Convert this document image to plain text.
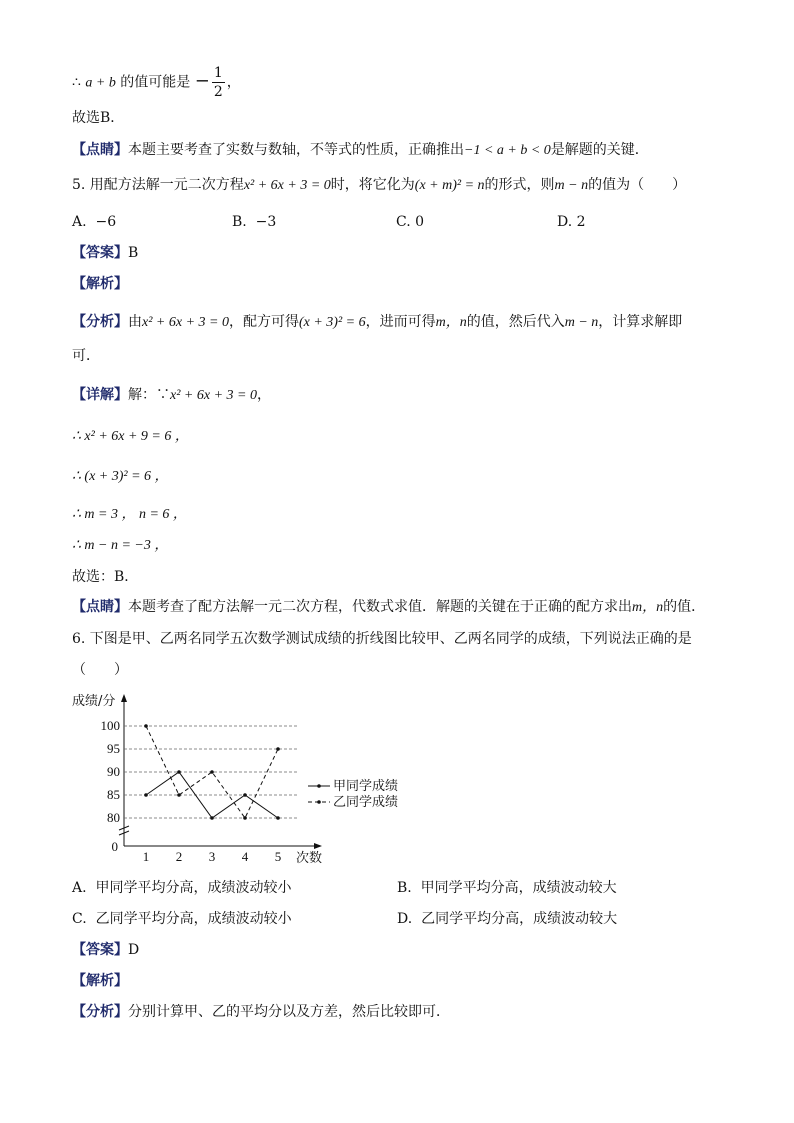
∴ a + b 的值可能是 − $\frac{1}{2}$ ，
故选B．
【点睛】本题主要考查了实数与数轴，不等式的性质，正确推出−1 < a + b < 0是解题的关键．
5. 用配方法解一元二次方程x² + 6x + 3 = 0时，将它化为(x + m)² = n的形式，则m − n的值为（　　）
A. −6	B. −3	C. 0	D. 2
【答案】B
【解析】
【分析】由x² + 6x + 3 = 0，配方可得(x + 3)² = 6，进而可得m，n的值，然后代入m − n，计算求解即
可．
【详解】解：∵x² + 6x + 3 = 0，
∴ x² + 6x + 9 = 6 ，
∴ (x + 3)² = 6 ，
∴ m = 3 ， n = 6 ，
∴ m − n = −3 ，
故选：B．
【点睛】本题考查了配方法解一元二次方程，代数式求值．解题的关键在于正确的配方求出m，n的值．
6. 下图是甲、乙两名同学五次数学测试成绩的折线图比较甲、乙两名同学的成绩，下列说法正确的是
（　　）
80
85
90
95
100
0
1 2 3 4 5
成绩/分
次数
甲同学成绩
乙同学成绩
A. 甲同学平均分高，成绩波动较小	B. 甲同学平均分高，成绩波动较大
C. 乙同学平均分高，成绩波动较小	D. 乙同学平均分高，成绩波动较大
【答案】D
【解析】
【分析】分别计算甲、乙的平均分以及方差，然后比较即可．
